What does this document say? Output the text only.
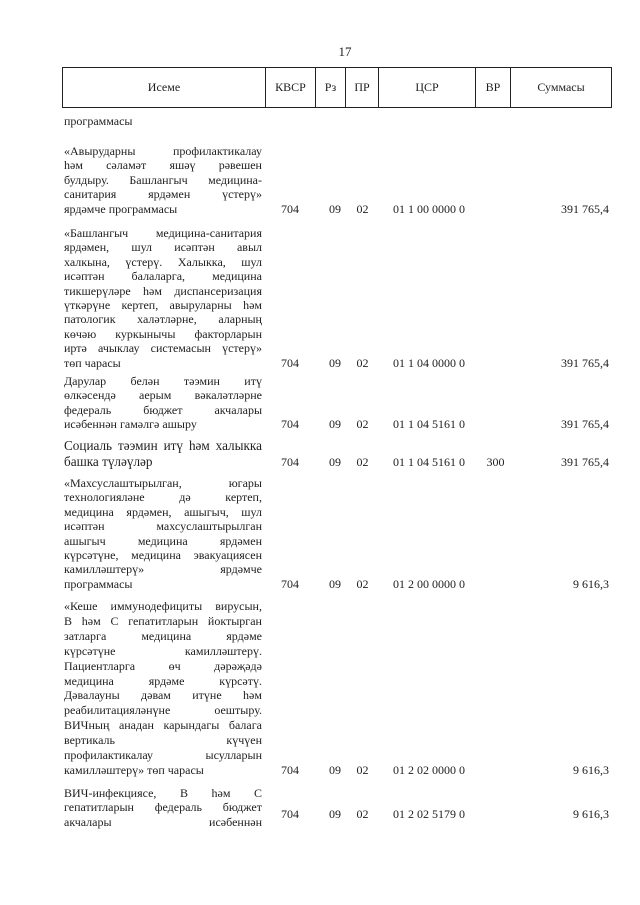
17
Исеме	КВСР	Рз	ПР	ЦСР	ВР	Суммасы
программасы
«Авырударны	профилактикалау
һәм сәламәт яшәү рәвешен
булдыру. Башлангыч медицина-
санитария	ярдәмен	үстерү»
ярдәмче программасы	704	09	02	01 1 00 0000 0	391 765,4
«Башлангыч медицина-санитария
ярдәмен, шул исәптән авыл
халкына, үстерү. Халыкка, шул
исәптән балаларга, медицина
тикшерүләре һәм диспансеризация
үткәрүне кертеп, авыруларны һәм
патологик халәтләрне, аларның
көчәю куркынычы факторларын
иртә ачыклау системасын үстерү»
төп чарасы	704	09	02	01 1 04 0000 0	391 765,4
Дарулар белән тәэмин итү
өлкәсендә аерым вәкаләтләрне
федераль	бюджет	акчалары
исәбеннән гамәлгә ашыру	704	09	02	01 1 04 5161 0	391 765,4
Социаль тәэмин итү һәм халыкка
башка түләүләр	704	09	02	01 1 04 5161 0	300	391 765,4
«Махсуслаштырылган,	югары
технологияләне	дә	кертеп,
медицина ярдәмен, ашыгыч, шул
исәптән	махсуслаштырылган
ашыгыч	медицина	ярдәмен
күрсәтүне, медицина эвакуациясен
камилләштерү»	ярдәмче
программасы	704	09	02	01 2 00 0000 0	9 616,3
«Кеше иммунодефициты вирусын,
В һәм С гепатитларын йоктырган
затларга	медицина	ярдәме
күрсәтүне	камилләштерү.
Пациентларга	өч	дәрәҗәдә
медицина	ярдәме	күрсәтү.
Дәвалауны дәвам итүне һәм
реабилитацияләнүне	оештыру.
ВИЧның анадан карындагы балага
вертикаль	күчүен
профилактикалау	ысулларын
камилләштерү» төп чарасы	704	09	02	01 2 02 0000 0	9 616,3
ВИЧ-инфекциясе, В һәм С
гепатитларын федераль бюджет
акчалары	исәбеннән
704	09	02	01 2 02 5179 0	9 616,3
